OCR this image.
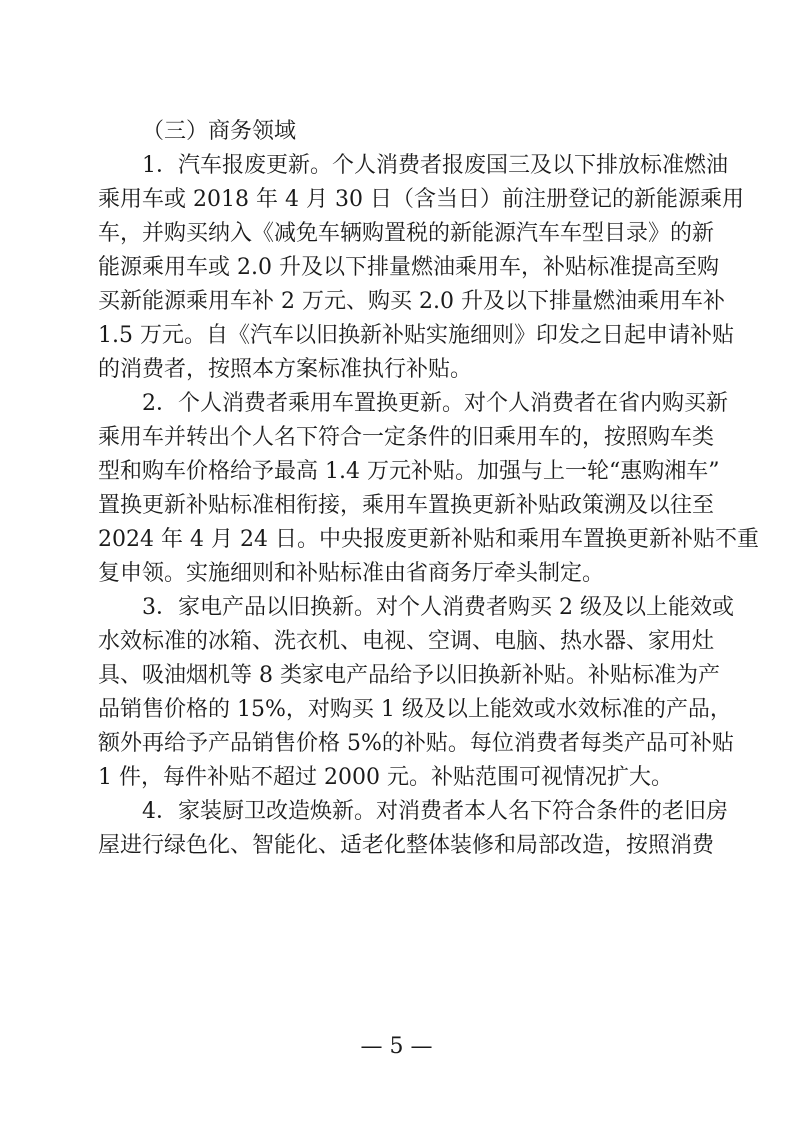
（三）商务领域
1．汽车报废更新。个人消费者报废国三及以下排放标准燃油
乘用车或 2018 年 4 月 30 日（含当日）前注册登记的新能源乘用
车，并购买纳入《减免车辆购置税的新能源汽车车型目录》的新
能源乘用车或 2.0 升及以下排量燃油乘用车，补贴标准提高至购
买新能源乘用车补 2 万元、购买 2.0 升及以下排量燃油乘用车补
1.5 万元。自《汽车以旧换新补贴实施细则》印发之日起申请补贴
的消费者，按照本方案标准执行补贴。
2．个人消费者乘用车置换更新。对个人消费者在省内购买新
乘用车并转出个人名下符合一定条件的旧乘用车的，按照购车类
型和购车价格给予最高 1.4 万元补贴。加强与上一轮“惠购湘车”
置换更新补贴标准相衔接，乘用车置换更新补贴政策溯及以往至
2024 年 4 月 24 日。中央报废更新补贴和乘用车置换更新补贴不重
复申领。实施细则和补贴标准由省商务厅牵头制定。
3．家电产品以旧换新。对个人消费者购买 2 级及以上能效或
水效标准的冰箱、洗衣机、电视、空调、电脑、热水器、家用灶
具、吸油烟机等 8 类家电产品给予以旧换新补贴。补贴标准为产
品销售价格的 15%，对购买 1 级及以上能效或水效标准的产品，
额外再给予产品销售价格 5%的补贴。每位消费者每类产品可补贴
1 件，每件补贴不超过 2000 元。补贴范围可视情况扩大。
4．家装厨卫改造焕新。对消费者本人名下符合条件的老旧房
屋进行绿色化、智能化、适老化整体装修和局部改造，按照消费
— 5 —
